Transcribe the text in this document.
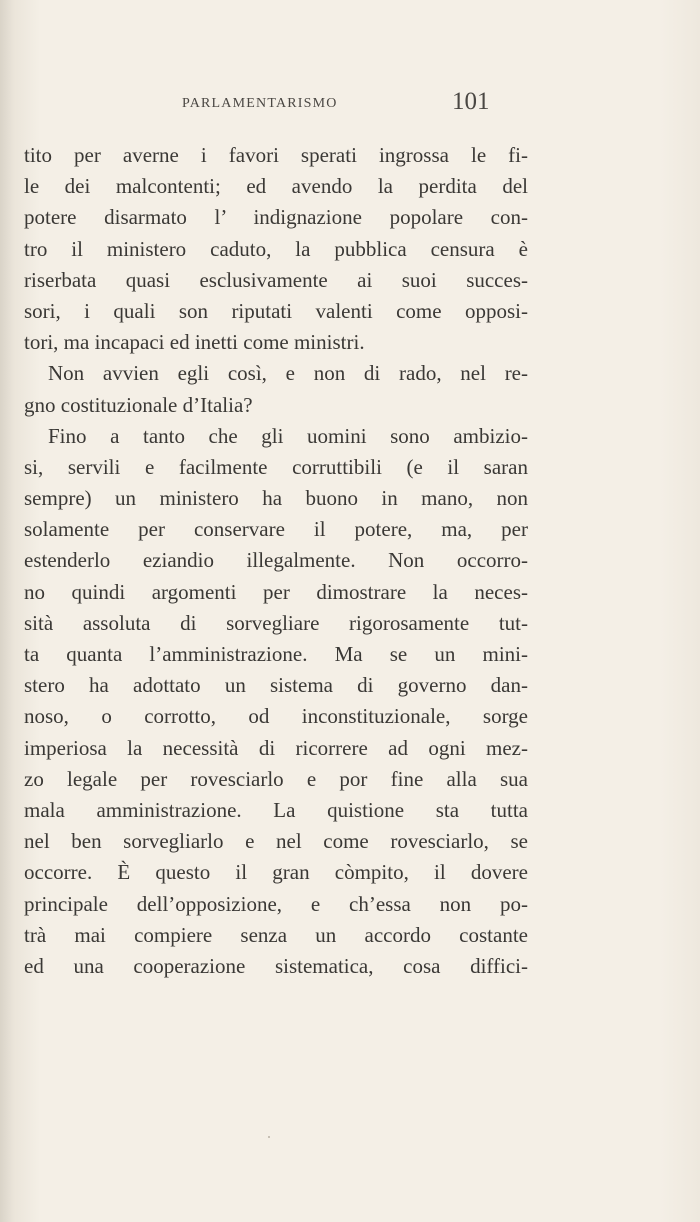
PARLAMENTARISMO	101
tito per averne i favori sperati ingrossa le fi-
le dei malcontenti; ed avendo la perdita del
potere disarmato l’ indignazione popolare con-
tro il ministero caduto, la pubblica censura è
riserbata quasi esclusivamente ai suoi succes-
sori, i quali son riputati valenti come opposi-
tori, ma incapaci ed inetti come ministri.
Non avvien egli così, e non di rado, nel re-
gno costituzionale d’Italia?
Fino a tanto che gli uomini sono ambizio-
si, servili e facilmente corruttibili (e il saran
sempre) un ministero ha buono in mano, non
solamente per conservare il potere, ma, per
estenderlo eziandio illegalmente. Non occorro-
no quindi argomenti per dimostrare la neces-
sità assoluta di sorvegliare rigorosamente tut-
ta quanta l’amministrazione. Ma se un mini-
stero ha adottato un sistema di governo dan-
noso, o corrotto, od inconstituzionale, sorge
imperiosa la necessità di ricorrere ad ogni mez-
zo legale per rovesciarlo e por fine alla sua
mala amministrazione. La quistione sta tutta
nel ben sorvegliarlo e nel come rovesciarlo, se
occorre. È questo il gran còmpito, il dovere
principale dell’opposizione, e ch’essa non po-
trà mai compiere senza un accordo costante
ed una cooperazione sistematica, cosa diffici-
